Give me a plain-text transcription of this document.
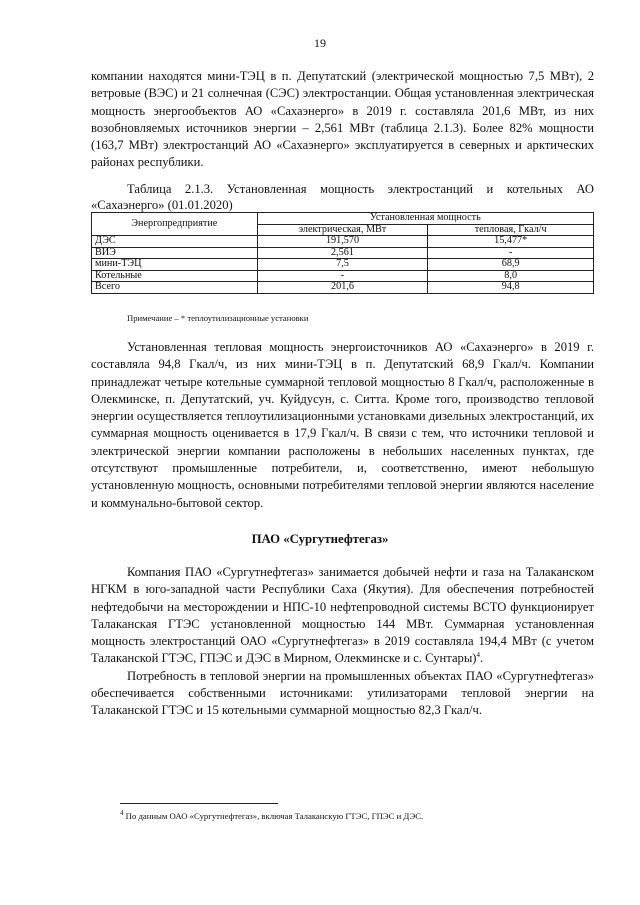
19

компании находятся мини-ТЭЦ в п. Депутатский (электрической мощностью 7,5 МВт), 2 ветровые (ВЭС) и 21 солнечная (СЭС) электростанции. Общая установленная электрическая мощность энергообъектов АО «Сахаэнерго» в 2019 г. составляла 201,6 МВт, из них возобновляемых источников энергии – 2,561 МВт (таблица 2.1.3). Более 82% мощности (163,7 МВт) электростанций АО «Сахаэнерго» эксплуатируется в северных и арктических районах республики.

Таблица 2.1.3. Установленная мощность электростанций и котельных АО «Сахаэнерго» (01.01.2020)
Энергопредприятие	Установленная мощность	
	электрическая, МВт	тепловая, Гкал/ч
ДЭС	191,570	15,477*
ВИЭ	2,561	-
мини-ТЭЦ	7,5	68,9
Котельные	-	8,0
Всего	201,6	94,8
Примечание – * теплоутилизационные установки

Установленная тепловая мощность энергоисточников АО «Сахаэнерго» в 2019 г. составляла 94,8 Гкал/ч, из них мини-ТЭЦ в п. Депутатский 68,9 Гкал/ч. Компании принадлежат четыре котельные суммарной тепловой мощностью 8 Гкал/ч, расположенные в Олекминске, п. Депутатский, уч. Куйдусун, с. Ситта. Кроме того, производство тепловой энергии осуществляется теплоутилизационными установками дизельных электростанций, их суммарная мощность оценивается в 17,9 Гкал/ч. В связи с тем, что источники тепловой и электрической энергии компании расположены в небольших населенных пунктах, где отсутствуют промышленные потребители, и, соответственно, имеют небольшую установленную мощность, основными потребителями тепловой энергии являются население и коммунально-бытовой сектор.

ПАО «Сургутнефтегаз»

Компания ПАО «Сургутнефтегаз» занимается добычей нефти и газа на Талаканском НГКМ в юго-западной части Республики Саха (Якутия). Для обеспечения потребностей нефтедобычи на месторождении и НПС-10 нефтепроводной системы ВСТО функционирует Талаканская ГТЭС установленной мощностью 144 МВт. Суммарная установленная мощность электростанций ОАО «Сургутнефтегаз» в 2019 составляла 194,4 МВт (с учетом Талаканской ГТЭС, ГПЭС и ДЭС в Мирном, Олекминске и с. Сунтары)$^4$.

Потребность в тепловой энергии на промышленных объектах ПАО «Сургутнефтегаз» обеспечивается собственными источниками: утилизаторами тепловой энергии на Талаканской ГТЭС и 15 котельными суммарной мощностью 82,3 Гкал/ч.

$^4$ По данным ОАО «Сургутнефтегаз», включая Талаканскую ГТЭС, ГПЭС и ДЭС.
